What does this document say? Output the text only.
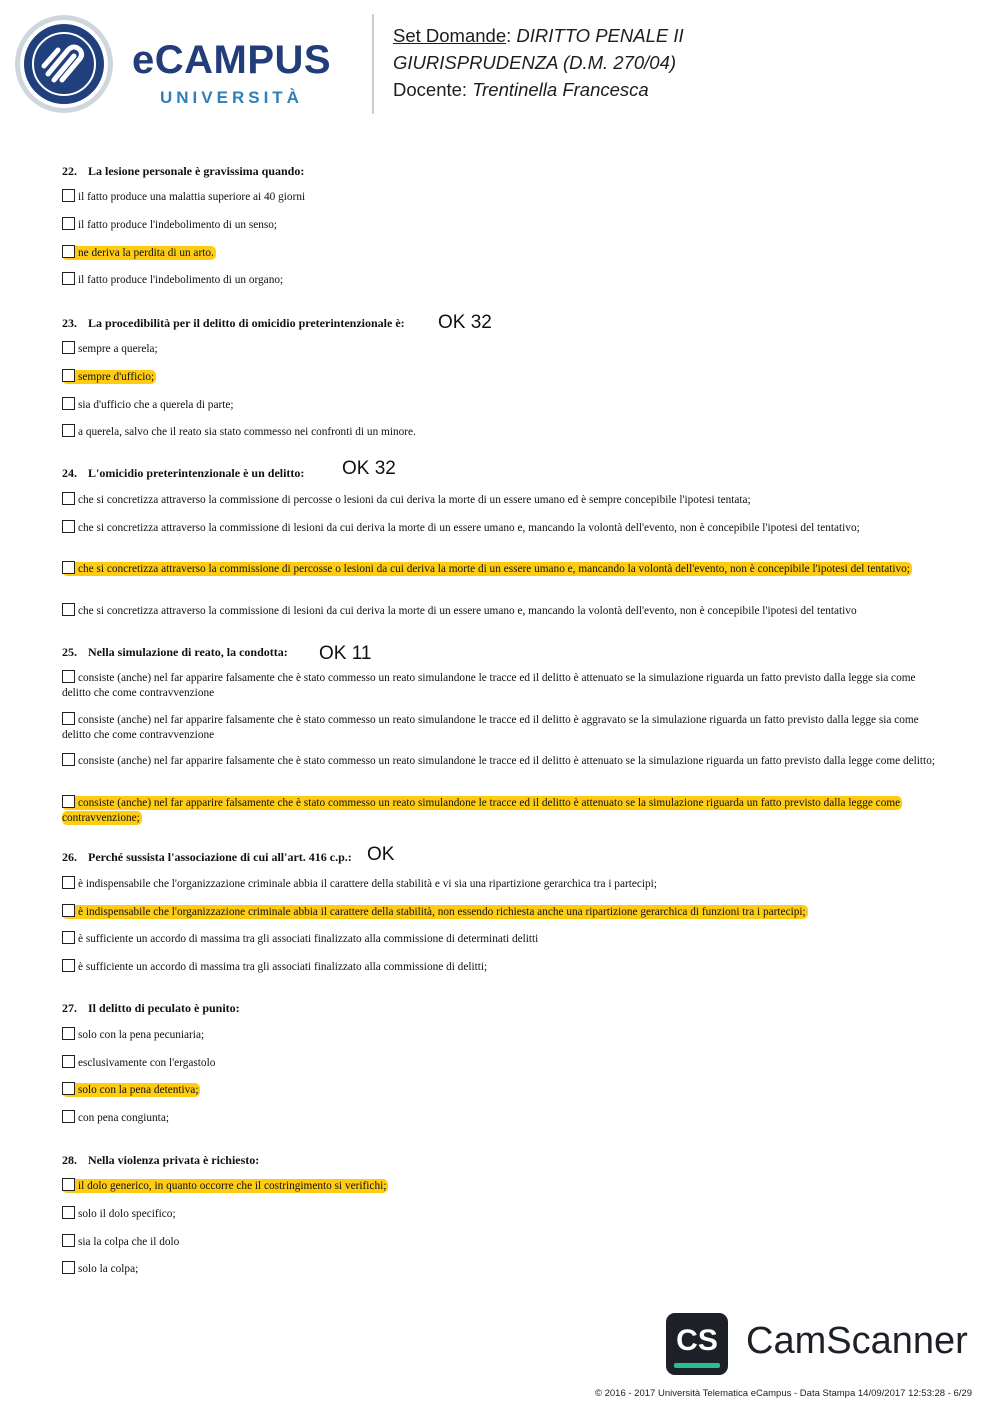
eCAMPUS
UNIVERSITÀ
Set Domande: DIRITTO PENALE II
GIURISPRUDENZA (D.M. 270/04)
Docente: Trentinella Francesca
22. La lesione personale è gravissima quando:
il fatto produce una malattia superiore ai 40 giorni
il fatto produce l'indebolimento di un senso;
ne deriva la perdita di un arto.
il fatto produce l'indebolimento di un organo;
23. La procedibilità per il delitto di omicidio preterintenzionale è:	OK 32
sempre a querela;
sempre d'ufficio;
sia d'ufficio che a querela di parte;
a querela, salvo che il reato sia stato commesso nei confronti di un minore.
24. L'omicidio preterintenzionale è un delitto:	OK 32
che si concretizza attraverso la commissione di percosse o lesioni da cui deriva la morte di un essere umano ed è sempre concepibile l'ipotesi tentata;
che si concretizza attraverso la commissione di lesioni da cui deriva la morte di un essere umano e, mancando la volontà dell'evento, non è concepibile l'ipotesi del tentativo;
che si concretizza attraverso la commissione di percosse o lesioni da cui deriva la morte di un essere umano e, mancando la volontà dell'evento, non è concepibile l'ipotesi del tentativo;
che si concretizza attraverso la commissione di lesioni da cui deriva la morte di un essere umano e, mancando la volontà dell'evento, non è concepibile l'ipotesi del tentativo
25. Nella simulazione di reato, la condotta:	OK 11
consiste (anche) nel far apparire falsamente che è stato commesso un reato simulandone le tracce ed il delitto è attenuato se la simulazione riguarda un fatto previsto dalla legge sia come delitto che come contravvenzione
consiste (anche) nel far apparire falsamente che è stato commesso un reato simulandone le tracce ed il delitto è aggravato se la simulazione riguarda un fatto previsto dalla legge sia come delitto che come contravvenzione
consiste (anche) nel far apparire falsamente che è stato commesso un reato simulandone le tracce ed il delitto è attenuato se la simulazione riguarda un fatto previsto dalla legge come delitto;
consiste (anche) nel far apparire falsamente che è stato commesso un reato simulandone le tracce ed il delitto è attenuato se la simulazione riguarda un fatto previsto dalla legge come contravvenzione;
26. Perché sussista l'associazione di cui all'art. 416 c.p.: OK
è indispensabile che l'organizzazione criminale abbia il carattere della stabilità e vi sia una ripartizione gerarchica tra i partecipi;
è indispensabile che l'organizzazione criminale abbia il carattere della stabilità, non essendo richiesta anche una ripartizione gerarchica di funzioni tra i partecipi;
è sufficiente un accordo di massima tra gli associati finalizzato alla commissione di determinati delitti
è sufficiente un accordo di massima tra gli associati finalizzato alla commissione di delitti;
27. Il delitto di peculato è punito:
solo con la pena pecuniaria;
esclusivamente con l'ergastolo
solo con la pena detentiva;
con pena congiunta;
28. Nella violenza privata è richiesto:
il dolo generico, in quanto occorre che il costringimento si verifichi;
solo il dolo specifico;
sia la colpa che il dolo
solo la colpa;
CS CamScanner
© 2016 - 2017 Università Telematica eCampus - Data Stampa 14/09/2017 12:53:28 - 6/29
